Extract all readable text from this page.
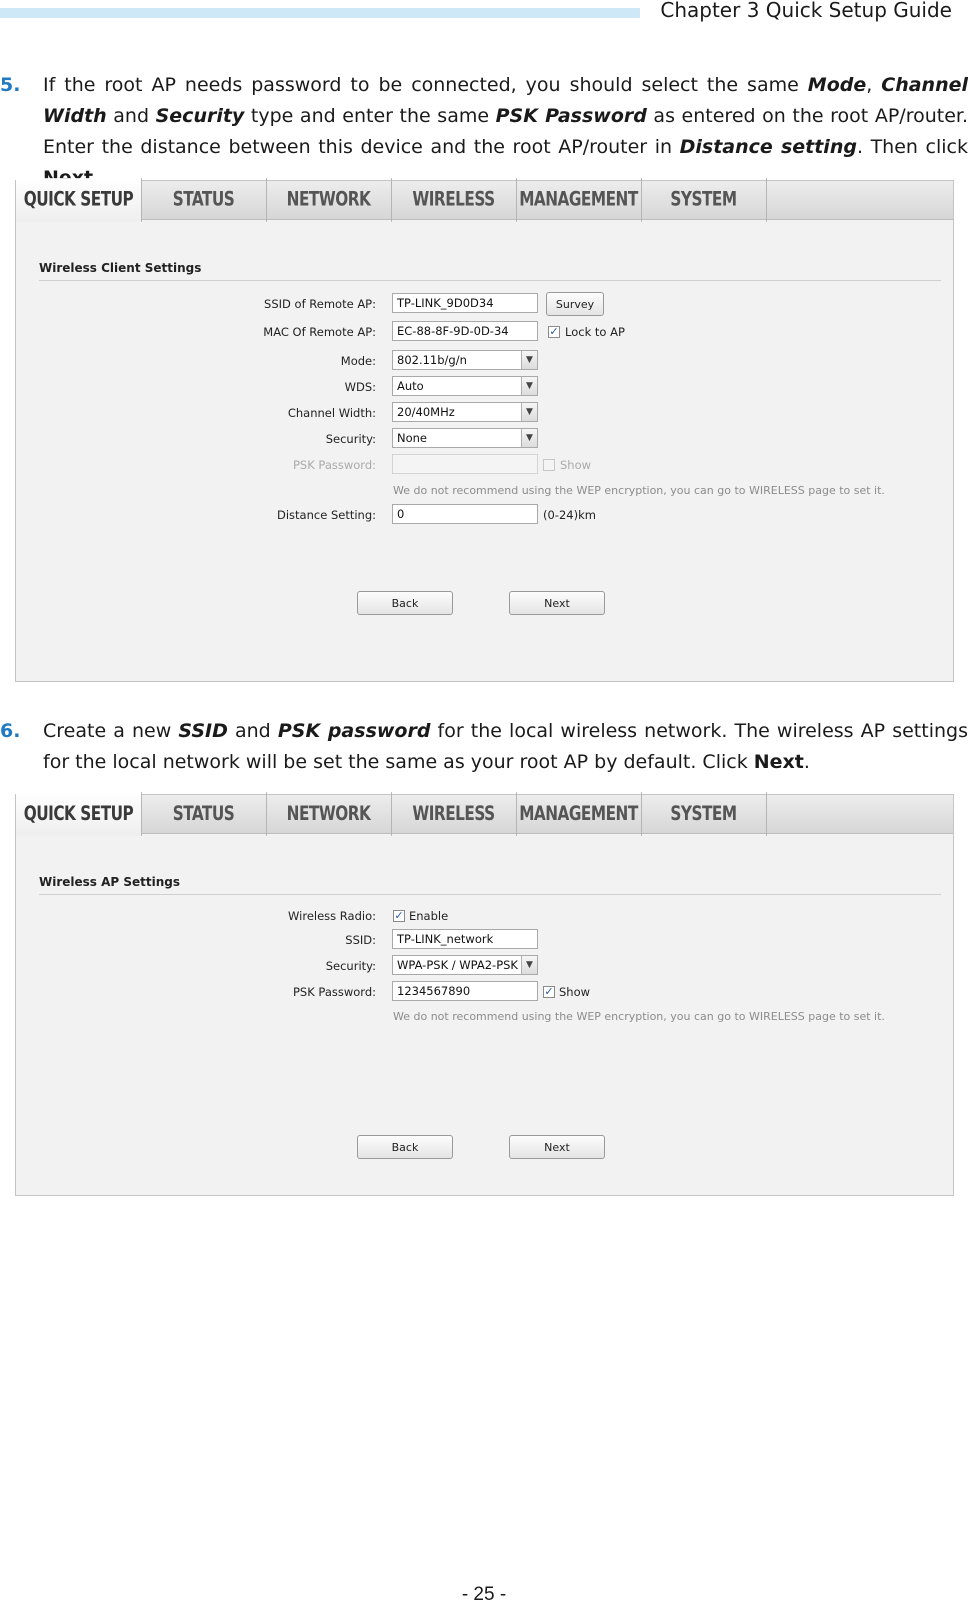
Chapter 3 Quick Setup Guide
5. If the root AP needs password to be connected, you should select the same Mode, Channel Width and Security type and enter the same PSK Password as entered on the root AP/router. Enter the distance between this device and the root AP/router in Distance setting. Then click
QUICK SETUP	STATUS	NETWORK	WIRELESS	MANAGEMENT	SYSTEM
Wireless Client Settings
SSID of Remote AP:	TP-LINK_9D0D34	Survey
MAC Of Remote AP:	EC-88-8F-9D-0D-34	✓ Lock to AP
Mode:	802.11b/g/n	▼
WDS:	Auto	▼
Channel Width:	20/40MHz	▼
Security:	None	▼
PSK Password:	Show
We do not recommend using the WEP encryption, you can go to WIRELESS page to set it.
Distance Setting:	0	(0-24)km
Back	Next
6. Create a new SSID and PSK password for the local wireless network. The wireless AP settings for the local network will be set the same as your root AP by default. Click Next.
QUICK SETUP	STATUS	NETWORK	WIRELESS	MANAGEMENT	SYSTEM
Wireless AP Settings
Wireless Radio: ✓ Enable
SSID:	TP-LINK_network
Security:	WPA-PSK / WPA2-PSK ▼
PSK Password:	1234567890	✓ Show
We do not recommend using the WEP encryption, you can go to WIRELESS page to set it.
Back	Next
- 25 -
